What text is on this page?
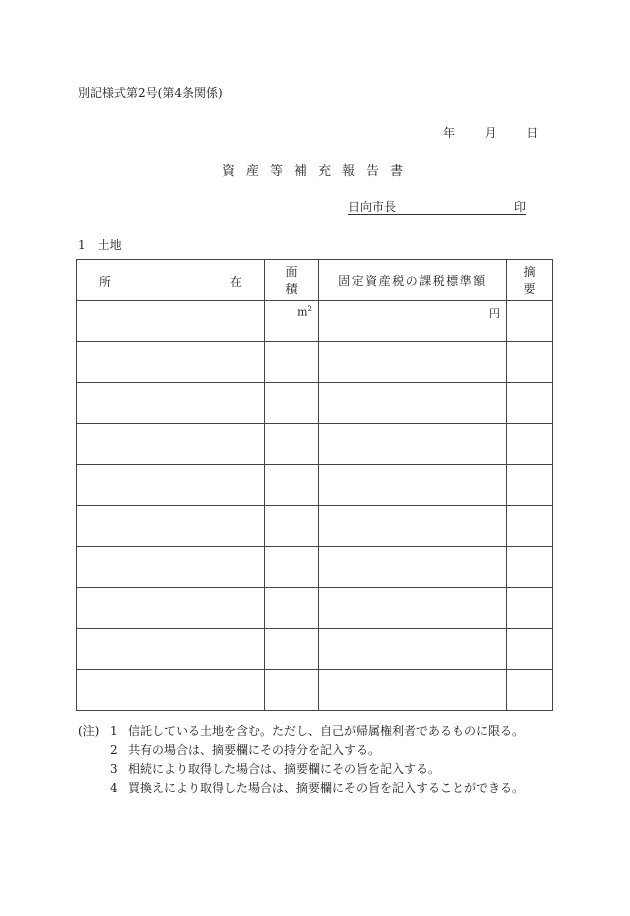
別記様式第2号(第4条関係)
年 月 日
資産等補充報告書
日向市長	印
1 土地
所 在	面積	固定資産税の課税標準額	摘要

	$m^2$	円	

(注) 1 信託している土地を含む。ただし、自己が帰属権利者であるものに限る。
2 共有の場合は、摘要欄にその持分を記入する。
3 相続により取得した場合は、摘要欄にその旨を記入する。
4 買換えにより取得した場合は、摘要欄にその旨を記入することができる。
